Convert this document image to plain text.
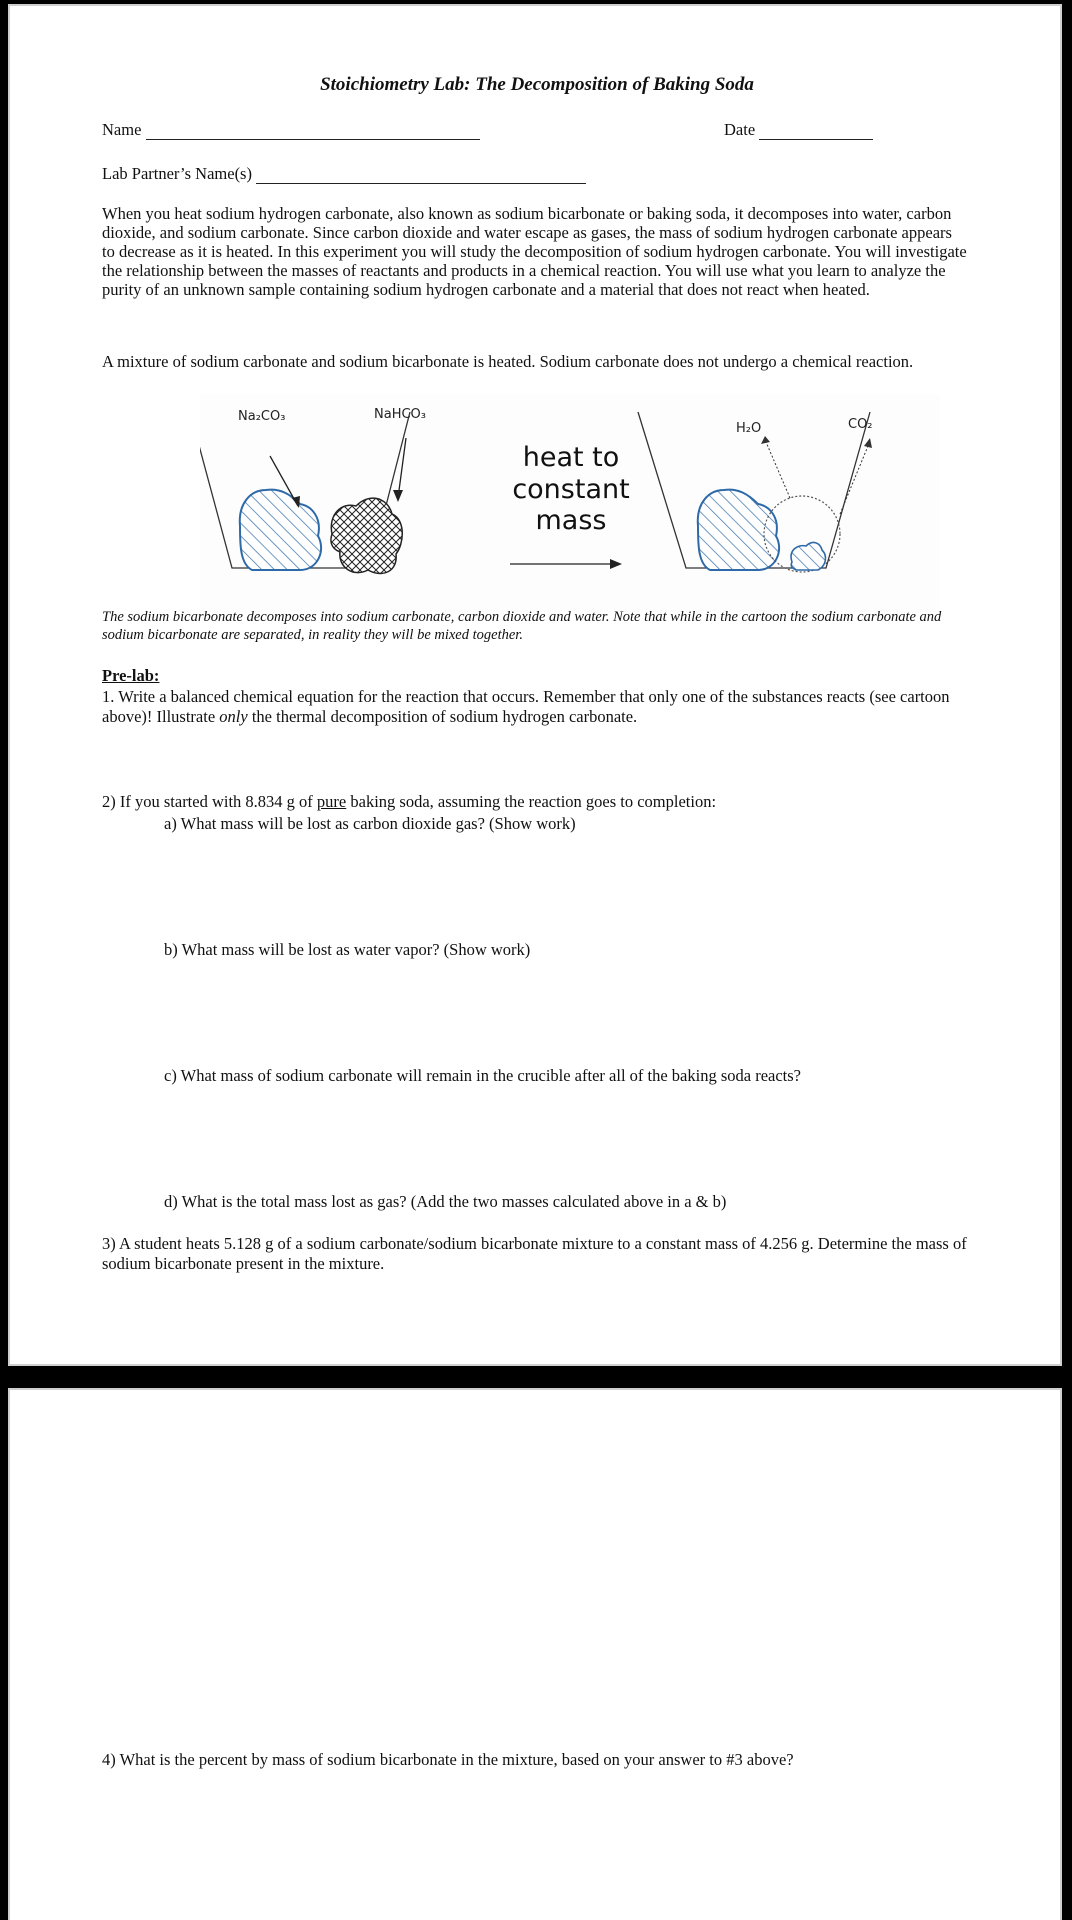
Stoichiometry Lab: The Decomposition of Baking Soda
Name	Date
Lab Partner’s Name(s)

When you heat sodium hydrogen carbonate, also known as sodium bicarbonate or baking soda, it decomposes into water, carbon dioxide, and sodium carbonate. Since carbon dioxide and water escape as gases, the mass of sodium hydrogen carbonate appears to decrease as it is heated. In this experiment you will study the decomposition of sodium hydrogen carbonate. You will investigate the relationship between the masses of reactants and products in a chemical reaction. You will use what you learn to analyze the purity of an unknown sample containing sodium hydrogen carbonate and a material that does not react when heated.

A mixture of sodium carbonate and sodium bicarbonate is heated. Sodium carbonate does not undergo a chemical reaction.

Na₂CO₃	NaHCO₃
heat to
constant
mass
H₂O	CO₂
The sodium bicarbonate decomposes into sodium carbonate, carbon dioxide and water. Note that while in the cartoon the sodium carbonate and sodium bicarbonate are separated, in reality they will be mixed together.
Pre-lab:
1. Write a balanced chemical equation for the reaction that occurs. Remember that only one of the substances reacts (see cartoon above)! Illustrate only the thermal decomposition of sodium hydrogen carbonate.
2) If you started with 8.834 g of pure baking soda, assuming the reaction goes to completion:
a) What mass will be lost as carbon dioxide gas? (Show work)
b) What mass will be lost as water vapor? (Show work)
c) What mass of sodium carbonate will remain in the crucible after all of the baking soda reacts?
d) What is the total mass lost as gas? (Add the two masses calculated above in a & b)
3) A student heats 5.128 g of a sodium carbonate/sodium bicarbonate mixture to a constant mass of 4.256 g. Determine the mass of sodium bicarbonate present in the mixture.
4) What is the percent by mass of sodium bicarbonate in the mixture, based on your answer to #3 above?
